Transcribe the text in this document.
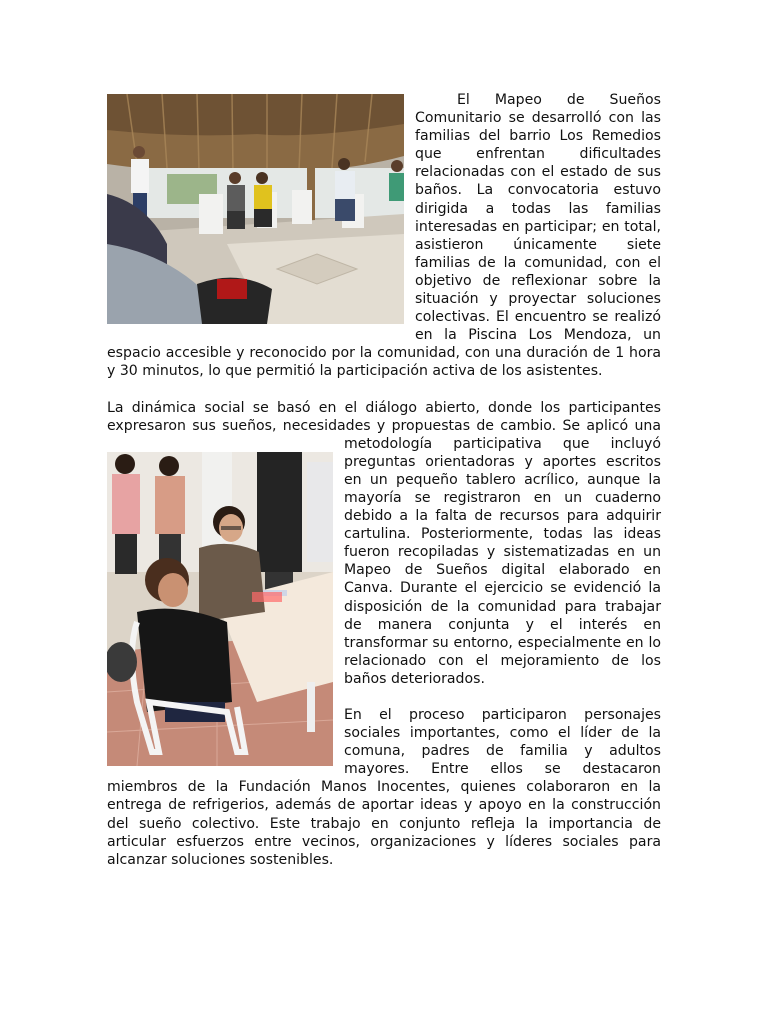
El Mapeo de Sueños Comunitario se desarrolló con las familias del barrio Los Remedios que enfrentan dificultades relacionadas con el estado de sus baños. La convocatoria estuvo dirigida a todas las familias interesadas en participar; en total, asistieron únicamente siete familias de la comunidad, con el objetivo de reflexionar sobre la situación y proyectar soluciones colectivas. El encuentro se realizó en la Piscina Los Mendoza, un espacio accesible y reconocido por la comunidad, con una duración de 1 hora y 30 minutos, lo que permitió la participación activa de los asistentes.

La dinámica social se basó en el diálogo abierto, donde los participantes expresaron sus sueños, necesidades y propuestas de cambio. Se aplicó una metodología participativa que incluyó preguntas orientadoras y aportes escritos en un pequeño tablero acrílico, aunque la mayoría se registraron en un cuaderno debido a la falta de recursos para adquirir cartulina. Posteriormente, todas las ideas fueron recopiladas y sistematizadas en un Mapeo de Sueños digital elaborado en Canva. Durante el ejercicio se evidenció la disposición de la comunidad para trabajar de manera conjunta y el interés en transformar su entorno, especialmente en lo relacionado con el mejoramiento de los baños deteriorados.

En el proceso participaron personajes sociales importantes, como el líder de la comuna, padres de familia y adultos mayores. Entre ellos se destacaron miembros de la Fundación Manos Inocentes, quienes colaboraron en la entrega de refrigerios, además de aportar ideas y apoyo en la construcción del sueño colectivo. Este trabajo en conjunto refleja la importancia de articular esfuerzos entre vecinos, organizaciones y líderes sociales para alcanzar soluciones sostenibles.
